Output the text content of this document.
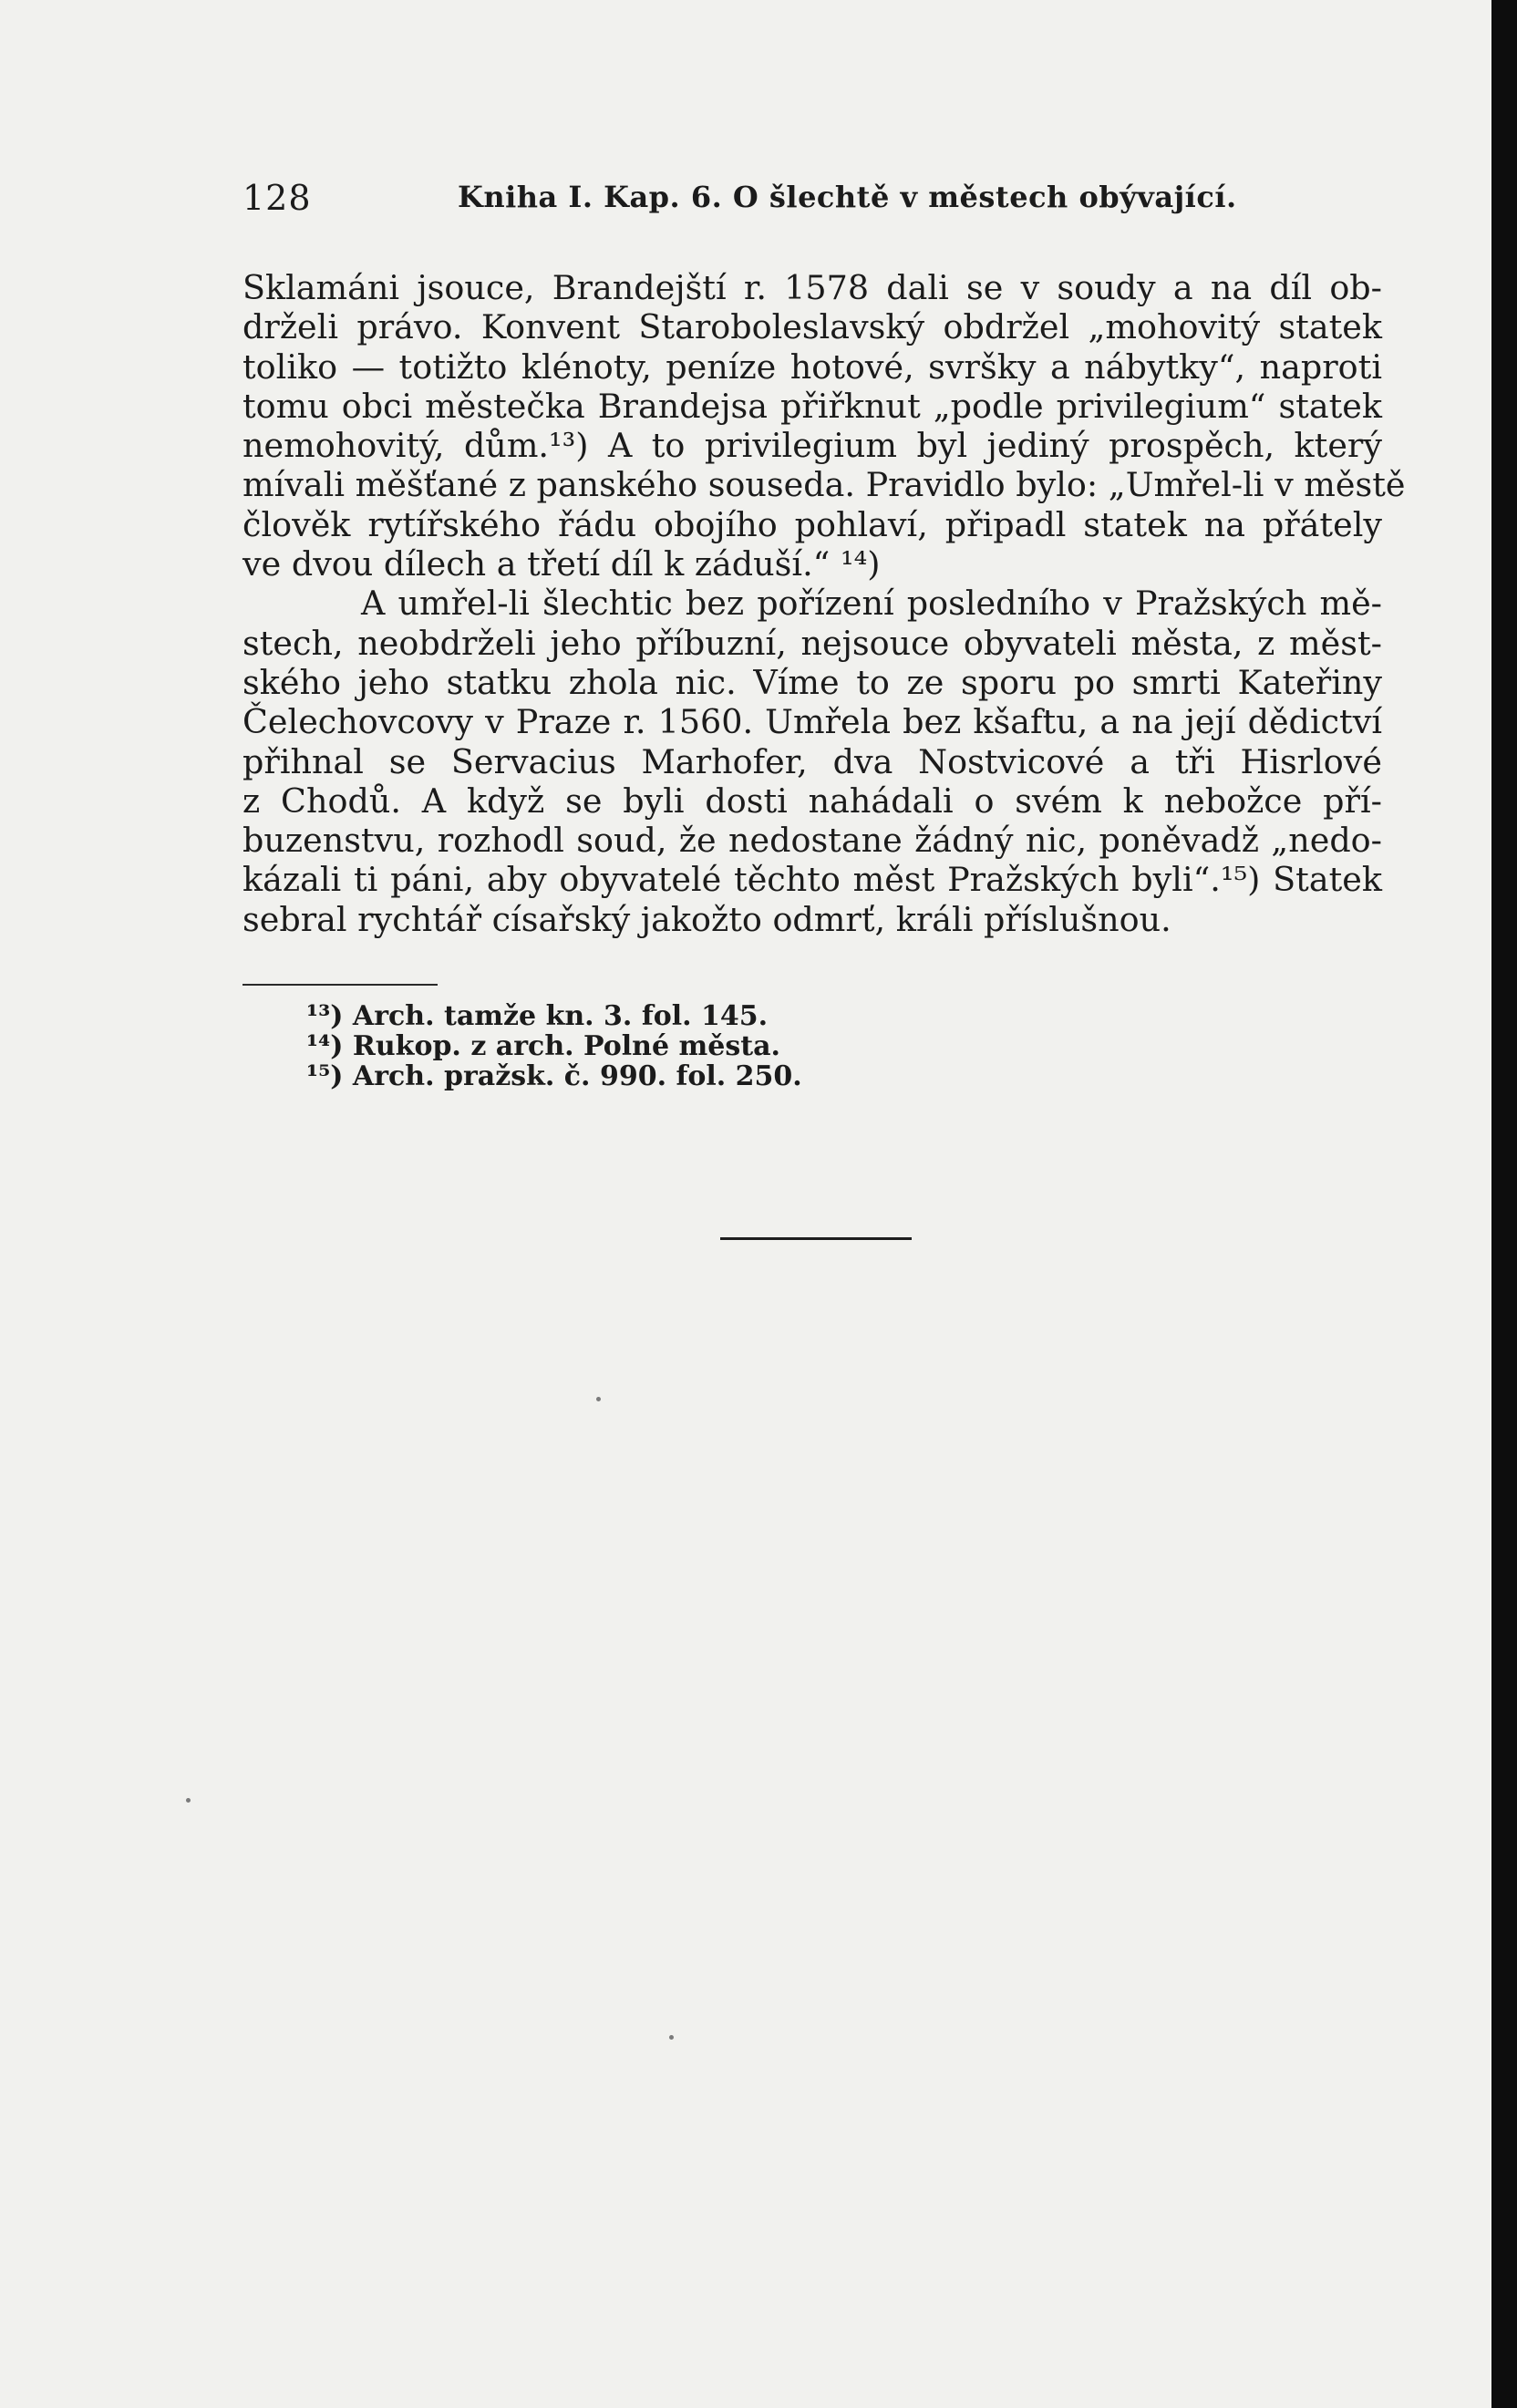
128	Kniha I. Kap. 6. O šlechtě v městech obývající.
Sklamáni jsouce, Brandejští r. 1578 dali se v soudy a na díl ob-
drželi právo. Konvent Staroboleslavský obdržel „mohovitý statek
toliko — totižto klénoty, peníze hotové, svršky a nábytky“, naproti
tomu obci městečka Brandejsa přiřknut „podle privilegium“ statek
nemohovitý, dům.¹³) A to privilegium byl jediný prospěch, který
mívali měšťané z panského souseda. Pravidlo bylo: „Umřel-li v městě
člověk rytířského řádu obojího pohlaví, připadl statek na přátely
ve dvou dílech a třetí díl k záduší.“ ¹⁴)
A umřel-li šlechtic bez pořízení posledního v Pražských mě-
stech, neobdrželi jeho příbuzní, nejsouce obyvateli města, z měst-
ského jeho statku zhola nic. Víme to ze sporu po smrti Kateřiny
Čelechovcovy v Praze r. 1560. Umřela bez kšaftu, a na její dědictví
přihnal se Servacius Marhofer, dva Nostvicové a tři Hisrlové
z Chodů. A když se byli dosti nahádali o svém k nebožce pří-
buzenstvu, rozhodl soud, že nedostane žádný nic, poněvadž „nedo-
kázali ti páni, aby obyvatelé těchto měst Pražských byli“.¹⁵) Statek
sebral rychtář císařský jakožto odmrť, králi příslušnou.
¹³) Arch. tamže kn. 3. fol. 145.
¹⁴) Rukop. z arch. Polné města.
¹⁵) Arch. pražsk. č. 990. fol. 250.
